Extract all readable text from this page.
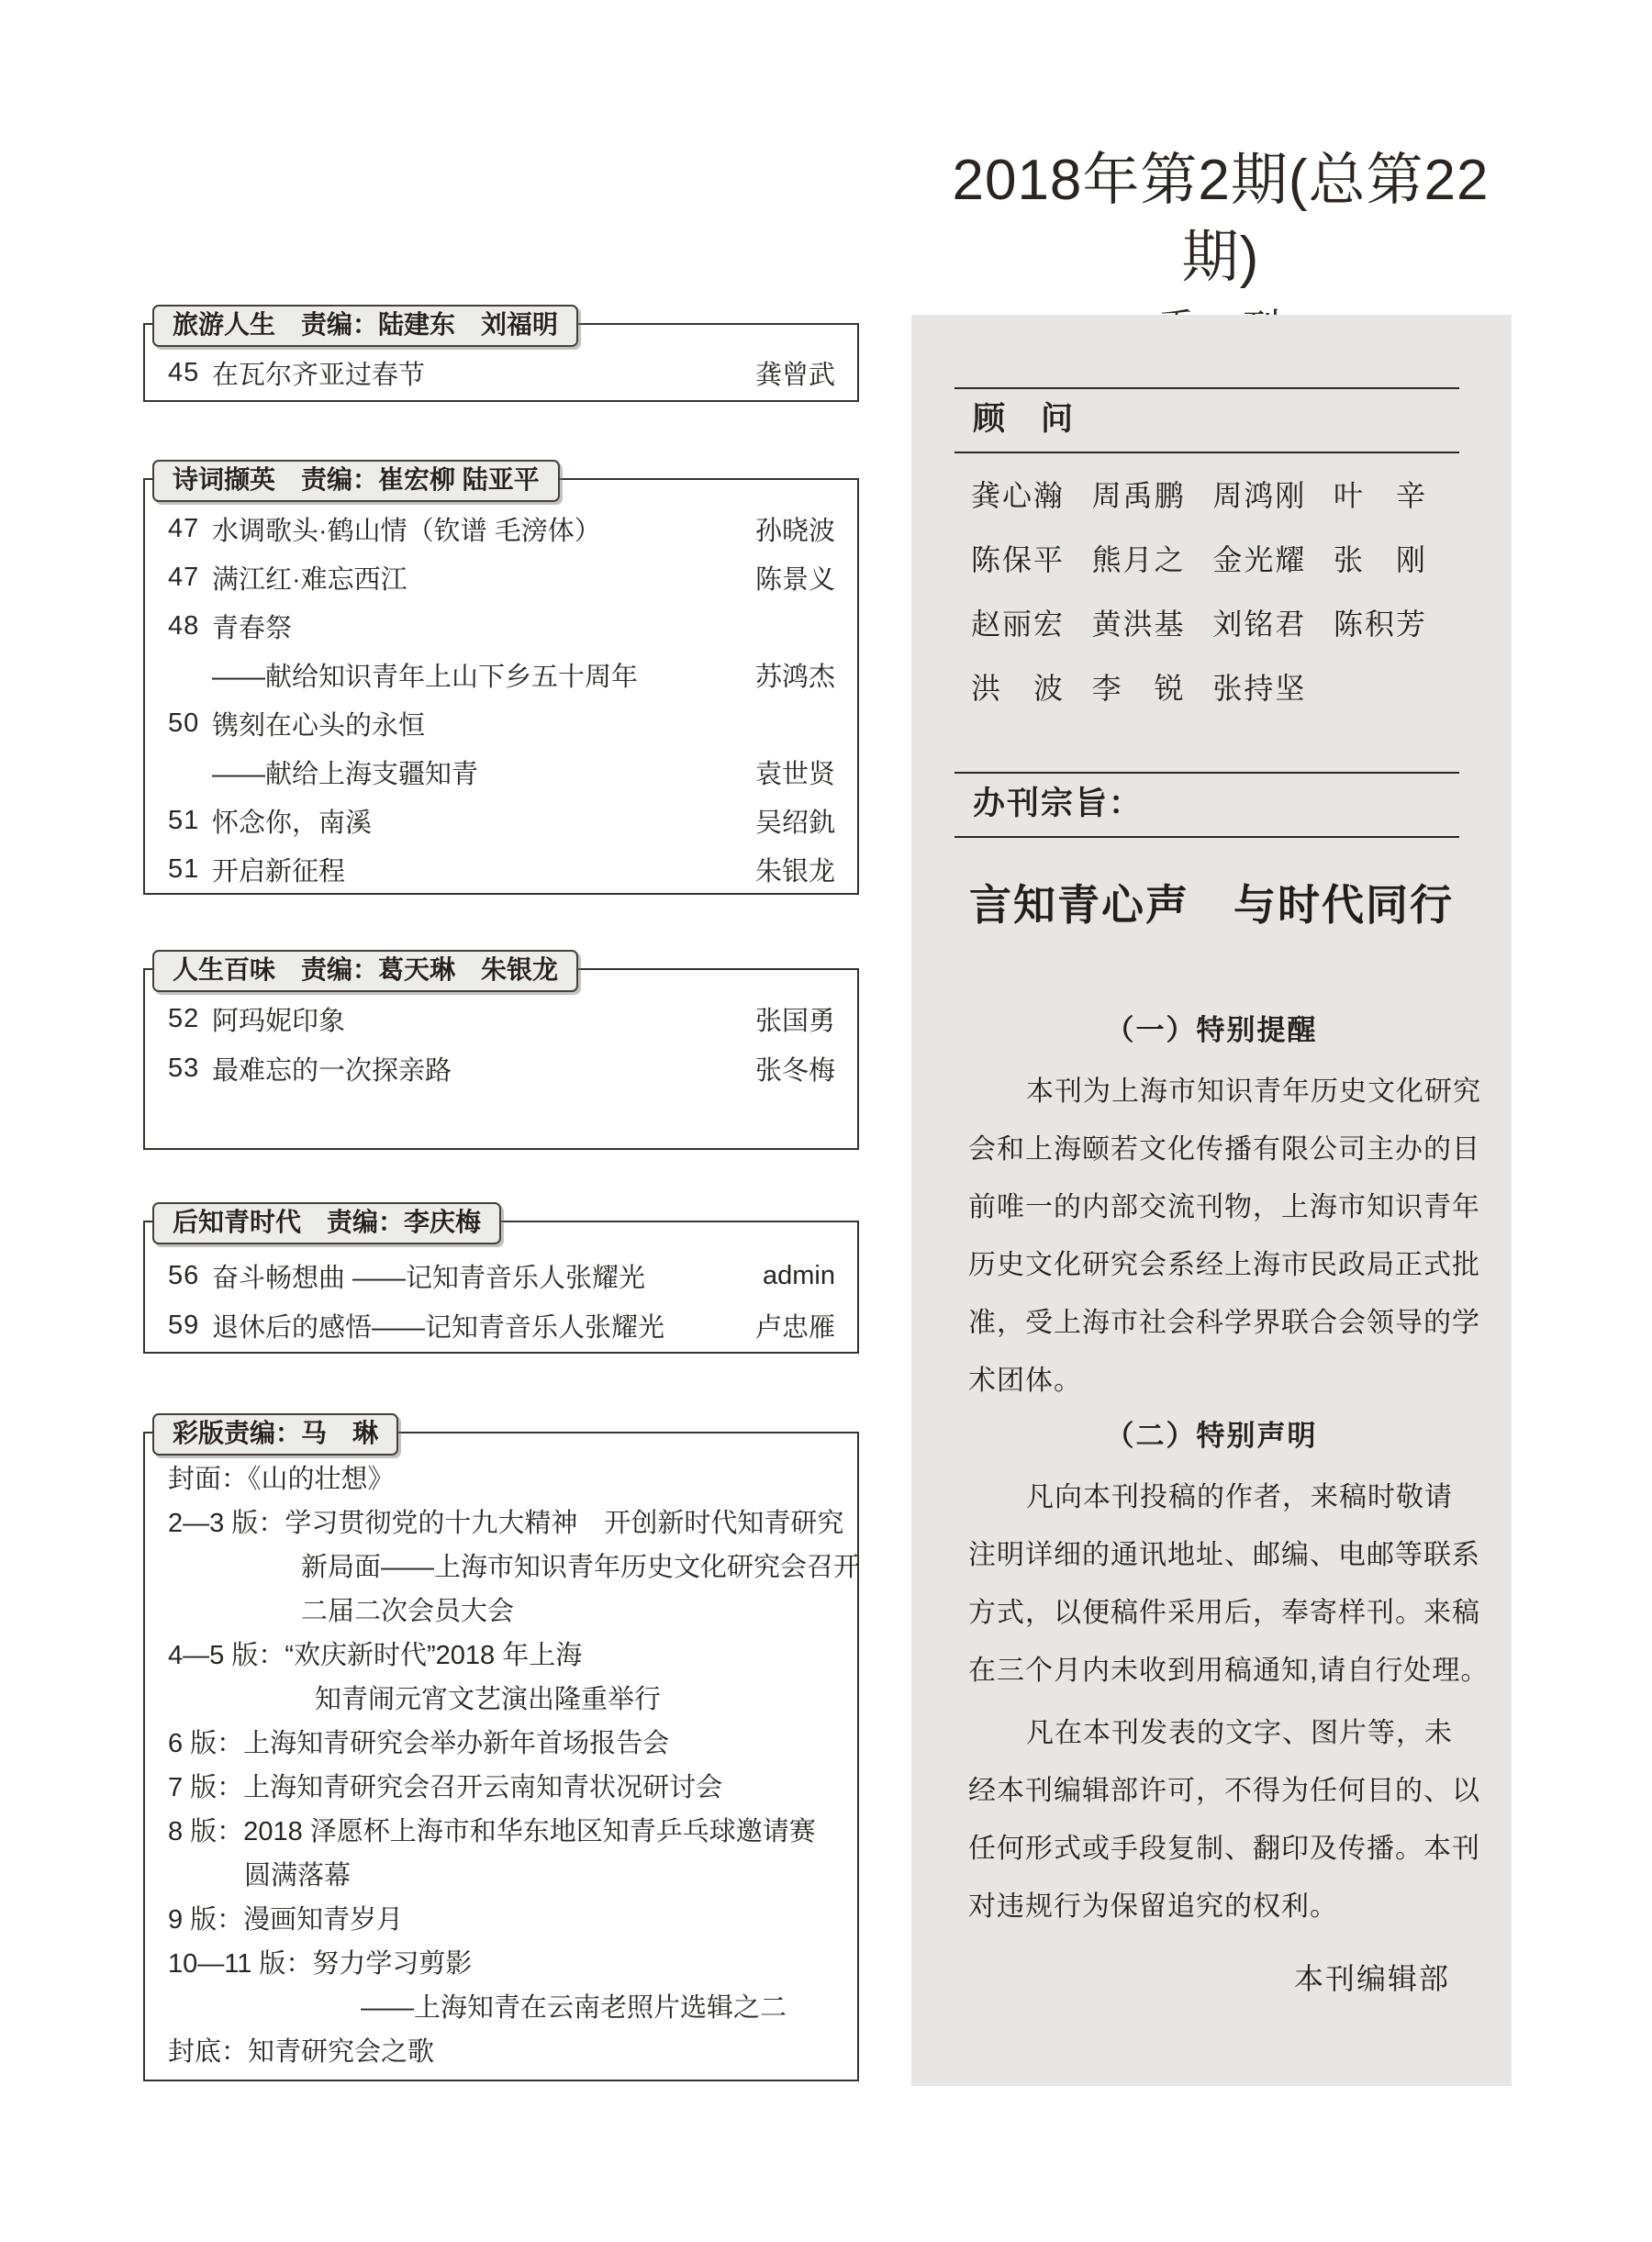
2018年第2期(总第22期)
旅游人生　责编：陆建东　刘福明
45 在瓦尔齐亚过春节	龚曾武
诗词撷英　责编：崔宏柳 陆亚平
47 水调歌头·鹤山情（钦谱 毛滂体）	孙晓波
47 满江红·难忘西江	陈景义
48 青春祭
——献给知识青年上山下乡五十周年	苏鸿杰
50 镌刻在心头的永恒
——献给上海支疆知青	袁世贤
51 怀念你，南溪	吴绍釚
51 开启新征程	朱银龙
人生百味　责编：葛天琳　朱银龙
52 阿玛妮印象	张国勇
53 最难忘的一次探亲路	张冬梅
后知青时代　责编：李庆梅
56 奋斗畅想曲 ——记知青音乐人张耀光	admin
59 退休后的感悟——记知青音乐人张耀光	卢忠雁
彩版责编：马　琳
封面：《山的壮想》
2—3 版：学习贯彻党的十九大精神　开创新时代知青研究
新局面——上海市知识青年历史文化研究会召开
二届二次会员大会
4—5 版：“欢庆新时代”2018 年上海
知青闹元宵文艺演出隆重举行
6 版：上海知青研究会举办新年首场报告会
7 版：上海知青研究会召开云南知青状况研讨会
8 版：2018 泽愿杯上海市和华东地区知青乒乓球邀请赛
圆满落幕
9 版：漫画知青岁月
10—11 版：努力学习剪影
——上海知青在云南老照片选辑之二
封底：知青研究会之歌
顾　问
龚心瀚 周禹鹏 周鸿刚 叶　辛
陈保平 熊月之 金光耀 张　刚
赵丽宏 黄洪基 刘铭君 陈积芳
洪　波 李　锐 张持坚
办刊宗旨：
言知青心声　与时代同行
（一）特别提醒
本刊为上海市知识青年历史文化研究
会和上海颐若文化传播有限公司主办的目
前唯一的内部交流刊物，上海市知识青年
历史文化研究会系经上海市民政局正式批
准，受上海市社会科学界联合会领导的学
术团体。
（二）特别声明
凡向本刊投稿的作者，来稿时敬请
注明详细的通讯地址、邮编、电邮等联系
方式，以便稿件采用后，奉寄样刊。来稿
在三个月内未收到用稿通知,请自行处理。
凡在本刊发表的文字、图片等，未
经本刊编辑部许可，不得为任何目的、以
任何形式或手段复制、翻印及传播。本刊
对违规行为保留追究的权利。
本刊编辑部
